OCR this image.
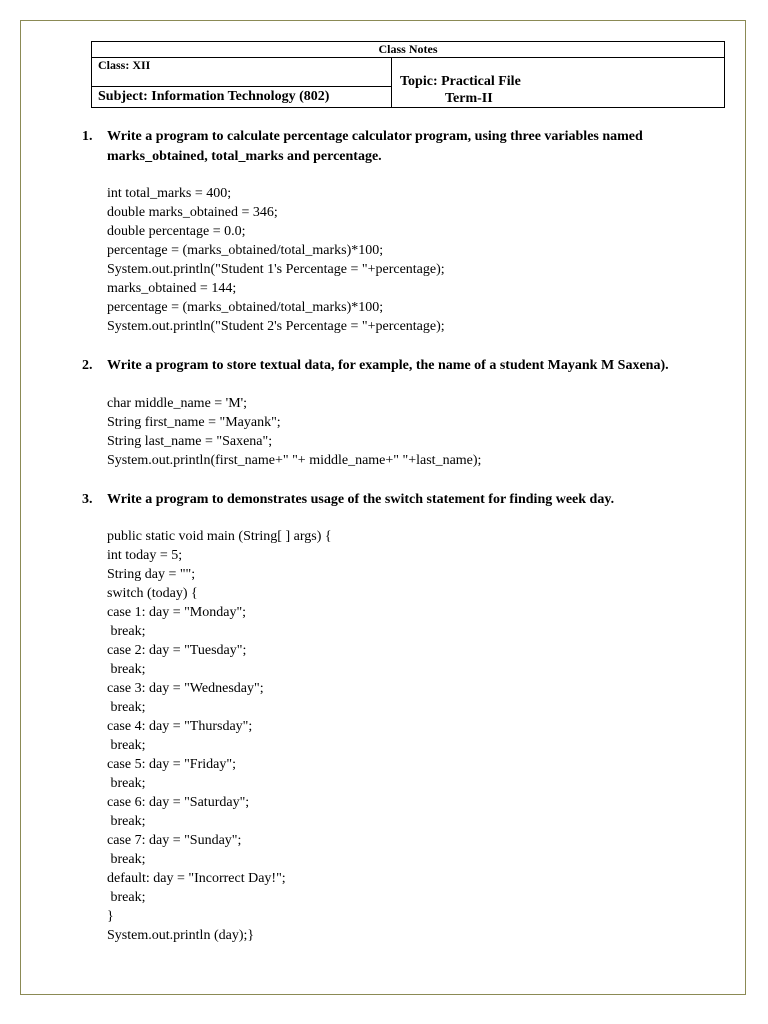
Class Notes
Class: XII
Subject: Information Technology (802)
Topic: Practical File
Term-II
1. Write a program to calculate percentage calculator program, using three variables named marks_obtained, total_marks and percentage.
int total_marks = 400;
double marks_obtained = 346;
double percentage = 0.0;
percentage = (marks_obtained/total_marks)*100;
System.out.println("Student 1's Percentage = "+percentage);
marks_obtained = 144;
percentage = (marks_obtained/total_marks)*100;
System.out.println("Student 2's Percentage = "+percentage);
2. Write a program to store textual data, for example, the name of a student Mayank M Saxena).
char middle_name = 'M';
String first_name = "Mayank";
String last_name = "Saxena";
System.out.println(first_name+" "+ middle_name+" "+last_name);
3. Write a program to demonstrates usage of the switch statement for finding week day.
public static void main (String[ ] args) {
int today = 5;
String day = "";
switch (today) {
case 1: day = "Monday";
break;
case 2: day = "Tuesday";
break;
case 3: day = "Wednesday";
break;
case 4: day = "Thursday";
break;
case 5: day = "Friday";
break;
case 6: day = "Saturday";
break;
case 7: day = "Sunday";
break;
default: day = "Incorrect Day!";
break;
}
System.out.println (day);}
